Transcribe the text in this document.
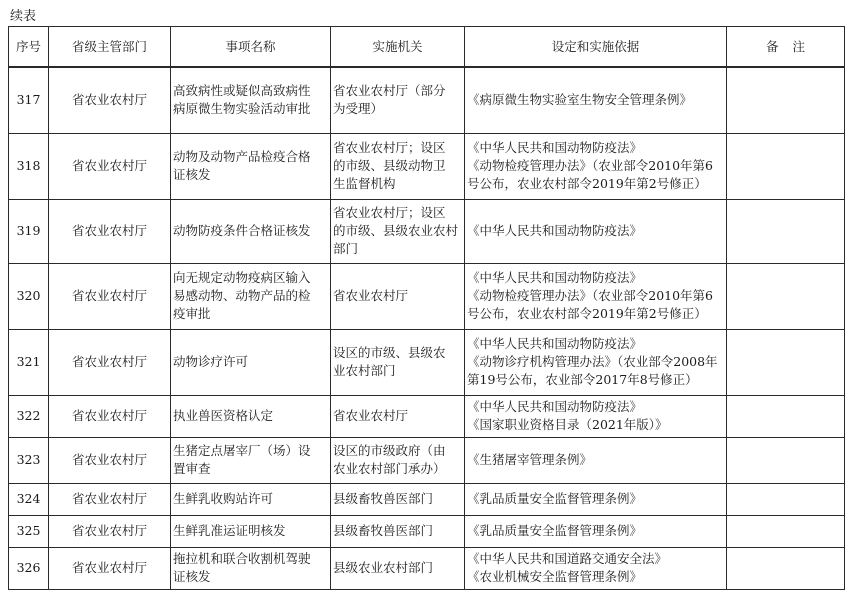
续表
序号	省级主管部门	事项名称	实施机关	设定和实施依据	备注
317	省农业农村厅	高致病性或疑似高致病性
病原微生物实验活动审批	省农业农村厅（部分
为受理）	《病原微生物实验室生物安全管理条例》	

318	省农业农村厅	动物及动物产品检疫合格
证核发	省农业农村厅；设区
的市级、县级动物卫
生监督机构	《中华人民共和国动物防疫法》
《动物检疫管理办法》（农业部令2010年第6
号公布，农业农村部令2019年第2号修正）	

319	省农业农村厅	动物防疫条件合格证核发	省农业农村厅；设区
的市级、县级农业农村
部门	《中华人民共和国动物防疫法》	

320	省农业农村厅	向无规定动物疫病区输入
易感动物、动物产品的检
疫审批	省农业农村厅	《中华人民共和国动物防疫法》
《动物检疫管理办法》（农业部令2010年第6
号公布，农业农村部令2019年第2号修正）	

321	省农业农村厅	动物诊疗许可	设区的市级、县级农
业农村部门	《中华人民共和国动物防疫法》
《动物诊疗机构管理办法》（农业部令2008年
第19号公布，农业部令2017年8号修正）	

322	省农业农村厅	执业兽医资格认定	省农业农村厅	《中华人民共和国动物防疫法》
《国家职业资格目录（2021年版）》	

323	省农业农村厅	生猪定点屠宰厂（场）设
置审查	设区的市级政府（由
农业农村部门承办）	《生猪屠宰管理条例》	

324	省农业农村厅	生鲜乳收购站许可	县级畜牧兽医部门	《乳品质量安全监督管理条例》	

325	省农业农村厅	生鲜乳准运证明核发	县级畜牧兽医部门	《乳品质量安全监督管理条例》	

326	省农业农村厅	拖拉机和联合收割机驾驶
证核发	县级农业农村部门	《中华人民共和国道路交通安全法》
《农业机械安全监督管理条例》	
